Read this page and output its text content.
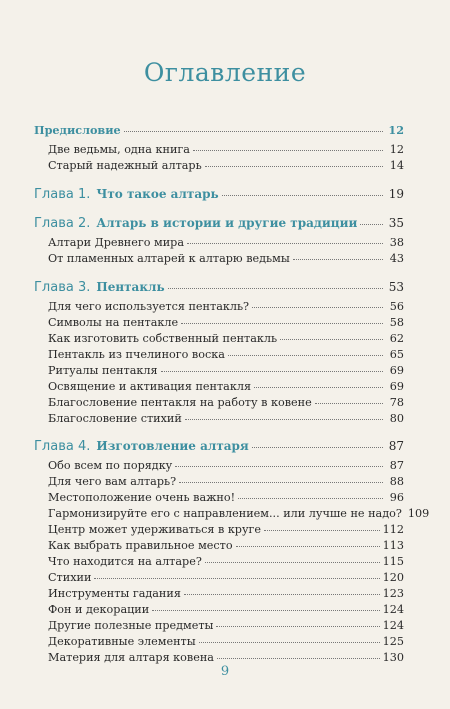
Оглавление
Предисловие	12
Две ведьмы, одна книга	12
Старый надежный алтарь	14
Глава 1. Что такое алтарь	19
Глава 2. Алтарь в истории и другие традиции	35
Алтари Древнего мира	38
От пламенных алтарей к алтарю ведьмы	43
Глава 3. Пентакль	53
Для чего используется пентакль?	56
Символы на пентакле	58
Как изготовить собственный пентакль	62
Пентакль из пчелиного воска	65
Ритуалы пентакля	69
Освящение и активация пентакля	69
Благословение пентакля на работу в ковене	78
Благословение стихий	80
Глава 4. Изготовление алтаря	87
Обо всем по порядку	87
Для чего вам алтарь?	88
Местоположение очень важно!	96
Гармонизируйте его с направлением... или лучше не надо? 109
Центр может удерживаться в круге	112
Как выбрать правильное место	113
Что находится на алтаре?	115
Стихии	120
Инструменты гадания	123
Фон и декорации	124
Другие полезные предметы	124
Декоративные элементы	125
Материя для алтаря ковена	130
9
